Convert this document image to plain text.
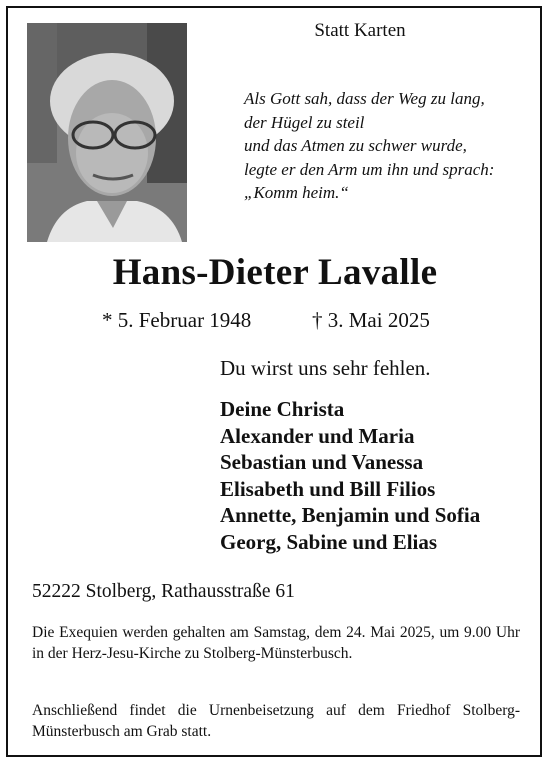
Statt Karten
Als Gott sah, dass der Weg zu lang,
der Hügel zu steil
und das Atmen zu schwer wurde,
legte er den Arm um ihn und sprach:
„Komm heim.“
Hans-Dieter Lavalle
* 5. Februar 1948	† 3. Mai 2025
Du wirst uns sehr fehlen.
Deine Christa
Alexander und Maria
Sebastian und Vanessa
Elisabeth und Bill Filios
Annette, Benjamin und Sofia
Georg, Sabine und Elias
52222 Stolberg, Rathausstraße 61
Die Exequien werden gehalten am Samstag, dem 24. Mai 2025, um 9.00 Uhr in der Herz-Jesu-Kirche zu Stolberg-Münsterbusch.
Anschließend findet die Urnenbeisetzung auf dem Friedhof Stolberg-Münsterbusch am Grab statt.
